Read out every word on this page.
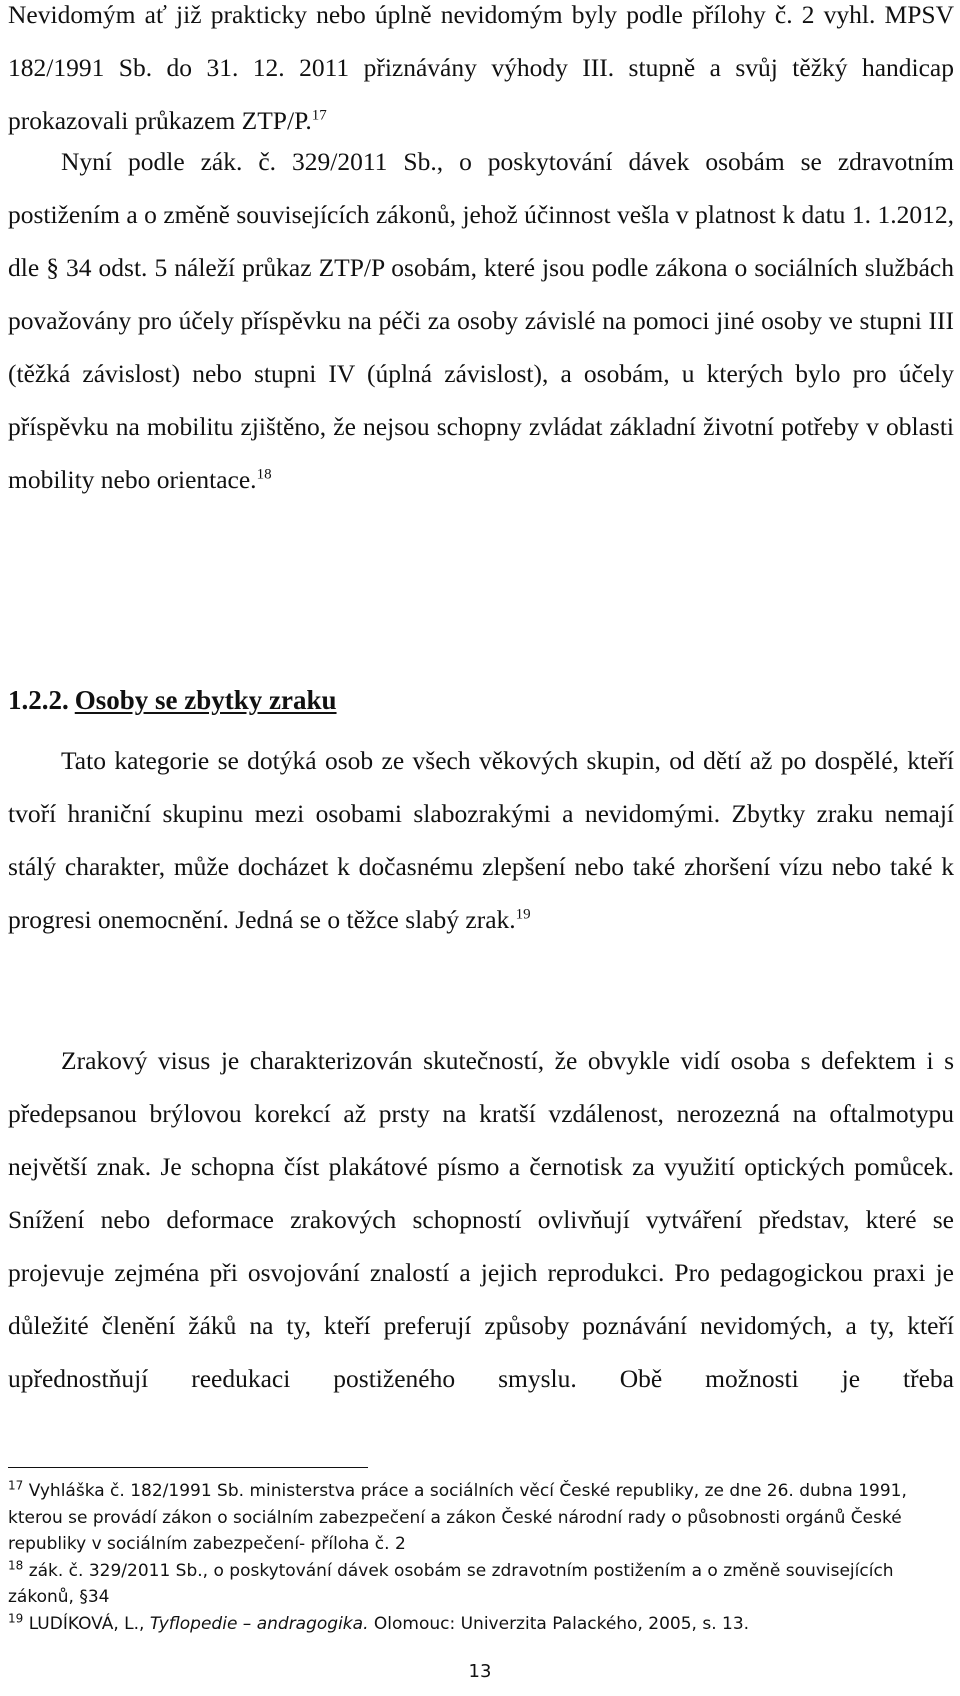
Nevidomým ať již prakticky nebo úplně nevidomým byly podle přílohy č. 2 vyhl. MPSV 182/1991 Sb. do 31. 12. 2011 přiznávány výhody III. stupně a svůj těžký handicap prokazovali průkazem ZTP/P.$^{17}$

Nyní podle zák. č. 329/2011 Sb., o poskytování dávek osobám se zdravotním postižením a o změně souvisejících zákonů, jehož účinnost vešla v platnost k datu 1. 1.2012, dle § 34 odst. 5 náleží průkaz ZTP/P osobám, které jsou podle zákona o sociálních službách považovány pro účely příspěvku na péči za osoby závislé na pomoci jiné osoby ve stupni III (těžká závislost) nebo stupni IV (úplná závislost), a osobám, u kterých bylo pro účely příspěvku na mobilitu zjištěno, že nejsou schopny zvládat základní životní potřeby v oblasti mobility nebo orientace.$^{18}$

1.2.2. Osoby se zbytky zraku

Tato kategorie se dotýká osob ze všech věkových skupin, od dětí až po dospělé, kteří tvoří hraniční skupinu mezi osobami slabozrakými a nevidomými. Zbytky zraku nemají stálý charakter, může docházet k dočasnému zlepšení nebo také zhoršení vízu nebo také k progresi onemocnění. Jedná se o těžce slabý zrak.$^{19}$

Zrakový visus je charakterizován skutečností, že obvykle vidí osoba s defektem i s předepsanou brýlovou korekcí až prsty na kratší vzdálenost, nerozezná na oftalmotypu největší znak. Je schopna číst plakátové písmo a černotisk za využití optických pomůcek. Snížení nebo deformace zrakových schopností ovlivňují vytváření představ, které se projevuje zejména při osvojování znalostí a jejich reprodukci. Pro pedagogickou praxi je důležité členění žáků na ty, kteří preferují způsoby poznávání nevidomých, a ty, kteří upřednostňují reedukaci postiženého smyslu. Obě možnosti je třeba

$^{17}$ Vyhláška č. 182/1991 Sb. ministerstva práce a sociálních věcí České republiky, ze dne 26. dubna 1991, kterou se provádí zákon o sociálním zabezpečení a zákon České národní rady o působnosti orgánů České republiky v sociálním zabezpečení- příloha č. 2

$^{18}$ zák. č. 329/2011 Sb., o poskytování dávek osobám se zdravotním postižením a o změně souvisejících zákonů, §34

$^{19}$ LUDÍKOVÁ, L., Tyflopedie – andragogika. Olomouc: Univerzita Palackého, 2005, s. 13.

13
